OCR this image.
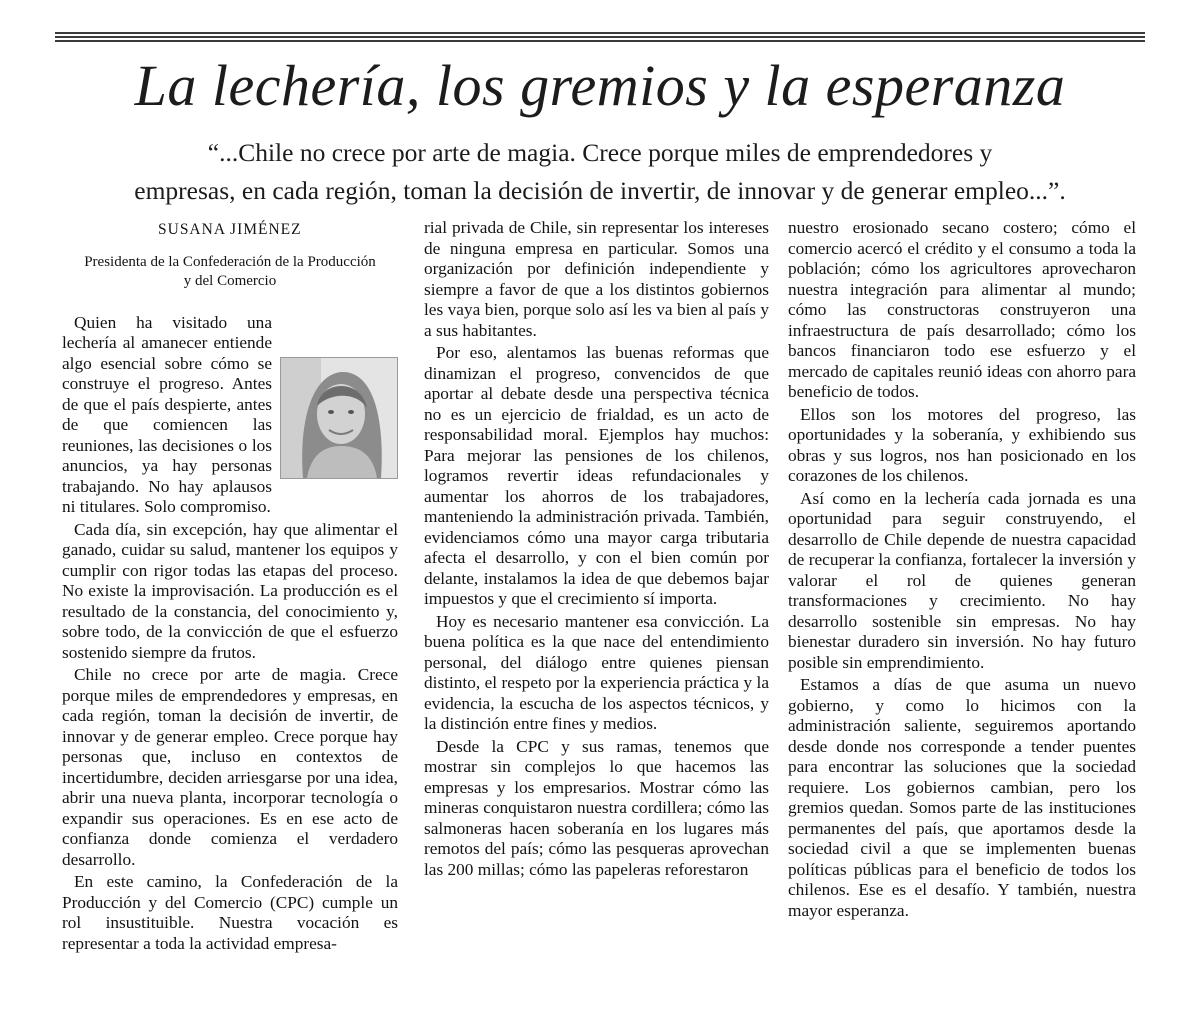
La lechería, los gremios y la esperanza
“...Chile no crece por arte de magia. Crece porque miles de emprendedores y
empresas, en cada región, toman la decisión de invertir, de innovar y de generar empleo...”.
SUSANA JIMÉNEZ
Presidenta de la Confederación de la Producción
y del Comercio

Quien ha visitado una lechería al amanecer entiende algo esencial sobre cómo se construye el progreso. Antes de que el país despierte, antes de que comiencen las reuniones, las decisiones o los anuncios, ya hay personas trabajando. No hay aplausos ni titulares. Solo compromiso.

Cada día, sin excepción, hay que alimentar el ganado, cuidar su salud, mantener los equipos y cumplir con rigor todas las etapas del proceso. No existe la improvisación. La producción es el resultado de la constancia, del conocimiento y, sobre todo, de la convicción de que el esfuerzo sostenido siempre da frutos.

Chile no crece por arte de magia. Crece porque miles de emprendedores y empresas, en cada región, toman la decisión de invertir, de innovar y de generar empleo. Crece porque hay personas que, incluso en contextos de incertidumbre, deciden arriesgarse por una idea, abrir una nueva planta, incorporar tecnología o expandir sus operaciones. Es en ese acto de confianza donde comienza el verdadero desarrollo.

En este camino, la Confederación de la Producción y del Comercio (CPC) cumple un rol insustituible. Nuestra vocación es representar a toda la actividad empresa-

rial privada de Chile, sin representar los intereses de ninguna empresa en particular. Somos una organización por definición independiente y siempre a favor de que a los distintos gobiernos les vaya bien, porque solo así les va bien al país y a sus habitantes.

Por eso, alentamos las buenas reformas que dinamizan el progreso, convencidos de que aportar al debate desde una perspectiva técnica no es un ejercicio de frialdad, es un acto de responsabilidad moral. Ejemplos hay muchos: Para mejorar las pensiones de los chilenos, logramos revertir ideas refundacionales y aumentar los ahorros de los trabajadores, manteniendo la administración privada. También, evidenciamos cómo una mayor carga tributaria afecta el desarrollo, y con el bien común por delante, instalamos la idea de que debemos bajar impuestos y que el crecimiento sí importa.

Hoy es necesario mantener esa convicción. La buena política es la que nace del entendimiento personal, del diálogo entre quienes piensan distinto, el respeto por la experiencia práctica y la evidencia, la escucha de los aspectos técnicos, y la distinción entre fines y medios.

Desde la CPC y sus ramas, tenemos que mostrar sin complejos lo que hacemos las empresas y los empresarios. Mostrar cómo las mineras conquistaron nuestra cordillera; cómo las salmoneras hacen soberanía en los lugares más remotos del país; cómo las pesqueras aprovechan las 200 millas; cómo las papeleras reforestaron

nuestro erosionado secano costero; cómo el comercio acercó el crédito y el consumo a toda la población; cómo los agricultores aprovecharon nuestra integración para alimentar al mundo; cómo las constructoras construyeron una infraestructura de país desarrollado; cómo los bancos financiaron todo ese esfuerzo y el mercado de capitales reunió ideas con ahorro para beneficio de todos.

Ellos son los motores del progreso, las oportunidades y la soberanía, y exhibiendo sus obras y sus logros, nos han posicionado en los corazones de los chilenos.

Así como en la lechería cada jornada es una oportunidad para seguir construyendo, el desarrollo de Chile depende de nuestra capacidad de recuperar la confianza, fortalecer la inversión y valorar el rol de quienes generan transformaciones y crecimiento. No hay desarrollo sostenible sin empresas. No hay bienestar duradero sin inversión. No hay futuro posible sin emprendimiento.

Estamos a días de que asuma un nuevo gobierno, y como lo hicimos con la administración saliente, seguiremos aportando desde donde nos corresponde a tender puentes para encontrar las soluciones que la sociedad requiere. Los gobiernos cambian, pero los gremios quedan. Somos parte de las instituciones permanentes del país, que aportamos desde la sociedad civil a que se implementen buenas políticas públicas para el beneficio de todos los chilenos. Ese es el desafío. Y también, nuestra mayor esperanza.
